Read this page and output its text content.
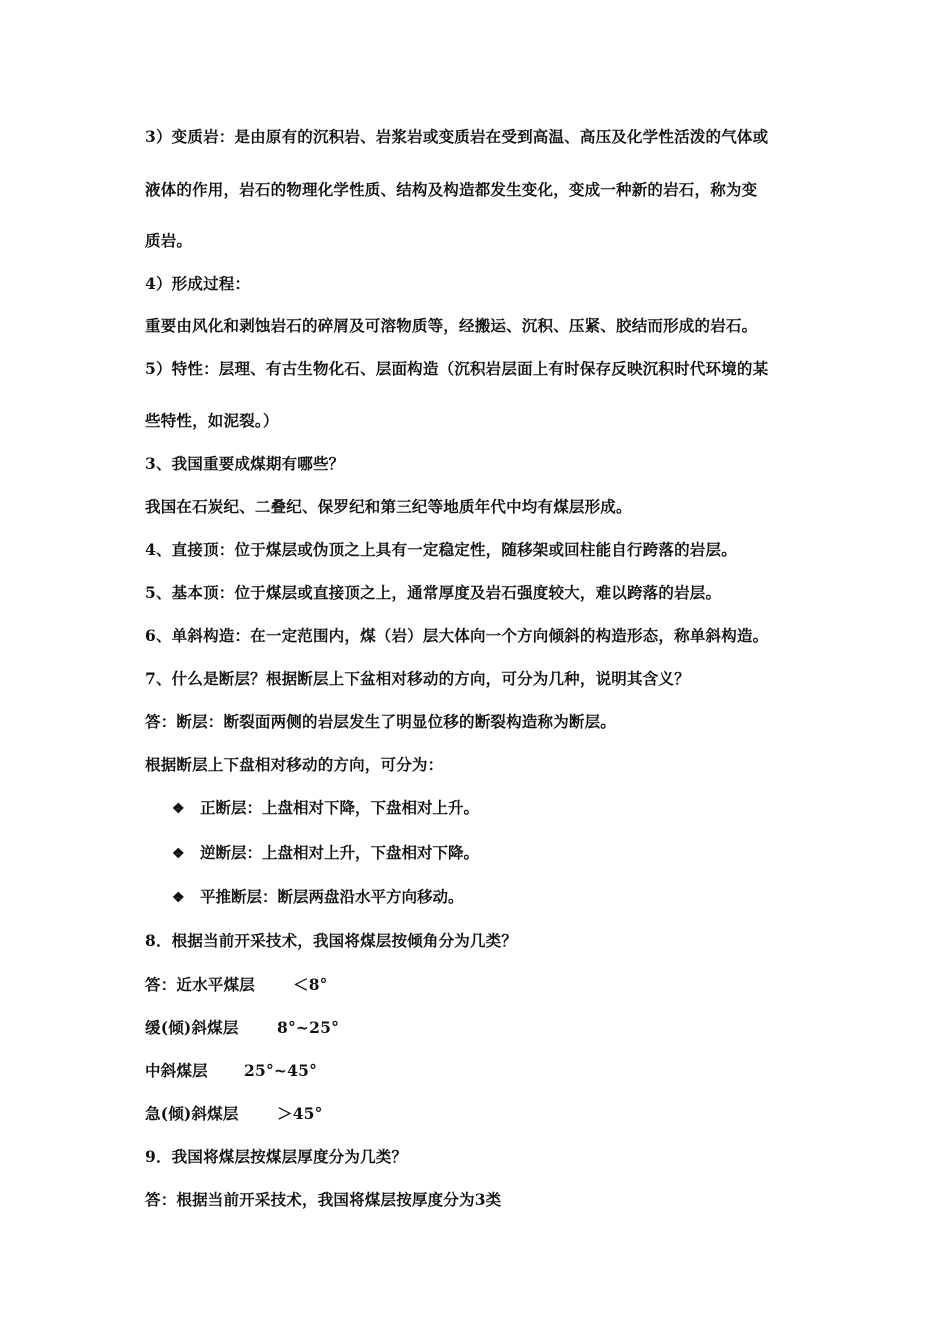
3）变质岩：是由原有的沉积岩、岩浆岩或变质岩在受到高温、高压及化学性活泼的气体或
液体的作用，岩石的物理化学性质、结构及构造都发生变化，变成一种新的岩石，称为变
质岩。
4）形成过程：
重要由风化和剥蚀岩石的碎屑及可溶物质等，经搬运、沉积、压紧、胶结而形成的岩石。
5）特性：层理、有古生物化石、层面构造（沉积岩层面上有时保存反映沉积时代环境的某
些特性，如泥裂。）
3、我国重要成煤期有哪些？
我国在石炭纪、二叠纪、保罗纪和第三纪等地质年代中均有煤层形成。
4、直接顶：位于煤层或伪顶之上具有一定稳定性，随移架或回柱能自行跨落的岩层。
5、基本顶：位于煤层或直接顶之上，通常厚度及岩石强度较大，难以跨落的岩层。
6、单斜构造：在一定范围内，煤（岩）层大体向一个方向倾斜的构造形态，称单斜构造。
7、什么是断层？根据断层上下盆相对移动的方向，可分为几种，说明其含义？
答：断层：断裂面两侧的岩层发生了明显位移的断裂构造称为断层。
根据断层上下盘相对移动的方向，可分为：
❖ 正断层：上盘相对下降，下盘相对上升。
❖ 逆断层：上盘相对上升，下盘相对下降。
❖ 平推断层：断层两盘沿水平方向移动。
8．根据当前开采技术，我国将煤层按倾角分为几类？
答：近水平煤层 ＜8°
缓(倾)斜煤层 8°~25°
中斜煤层 25°~45°
急(倾)斜煤层 ＞45°
9．我国将煤层按煤层厚度分为几类？
答：根据当前开采技术，我国将煤层按厚度分为3类
